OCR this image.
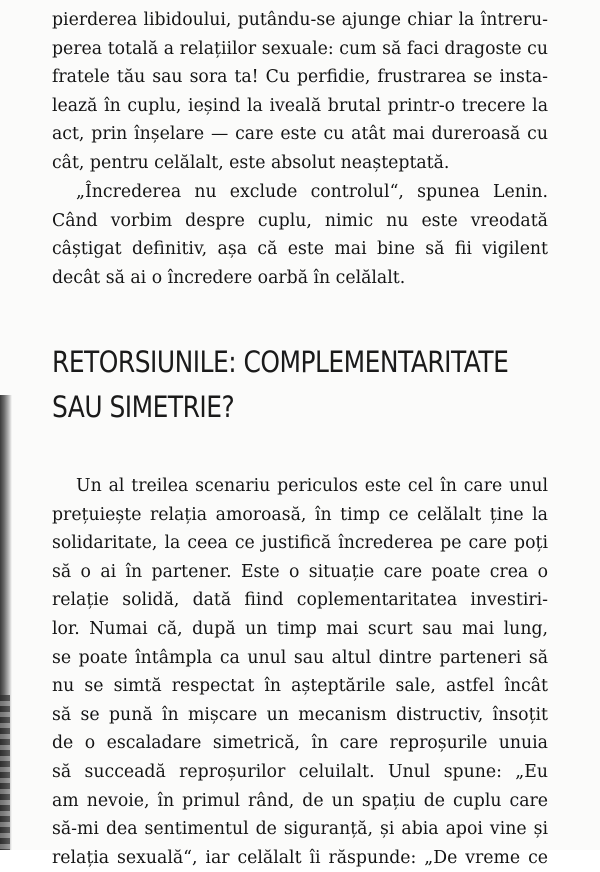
pierderea libidoului, putându-se ajunge chiar la întreru-
perea totală a relațiilor sexuale: cum să faci dragoste cu
fratele tău sau sora ta! Cu perfidie, frustrarea se insta-
lează în cuplu, ieșind la iveală brutal printr-o trecere la
act, prin înșelare — care este cu atât mai dureroasă cu
cât, pentru celălalt, este absolut neașteptată.

„Încrederea nu exclude controlul“, spunea Lenin.
Când vorbim despre cuplu, nimic nu este vreodată
câștigat definitiv, așa că este mai bine să fii vigilent
decât să ai o încredere oarbă în celălalt.

RETORSIUNILE: COMPLEMENTARITATE
SAU SIMETRIE?

Un al treilea scenariu periculos este cel în care unul
prețuiește relația amoroasă, în timp ce celălalt ține la
solidaritate, la ceea ce justifică încrederea pe care poți
să o ai în partener. Este o situație care poate crea o
relație solidă, dată fiind coplementaritatea investiri-
lor. Numai că, după un timp mai scurt sau mai lung,
se poate întâmpla ca unul sau altul dintre parteneri să
nu se simtă respectat în așteptările sale, astfel încât
să se pună în mișcare un mecanism distructiv, însoțit
de o escaladare simetrică, în care reproșurile unuia
să succeadă reproșurilor celuilalt. Unul spune: „Eu
am nevoie, în primul rând, de un spațiu de cuplu care
să-mi dea sentimentul de siguranță, și abia apoi vine și
relația sexuală“, iar celălalt îi răspunde: „De vreme ce
